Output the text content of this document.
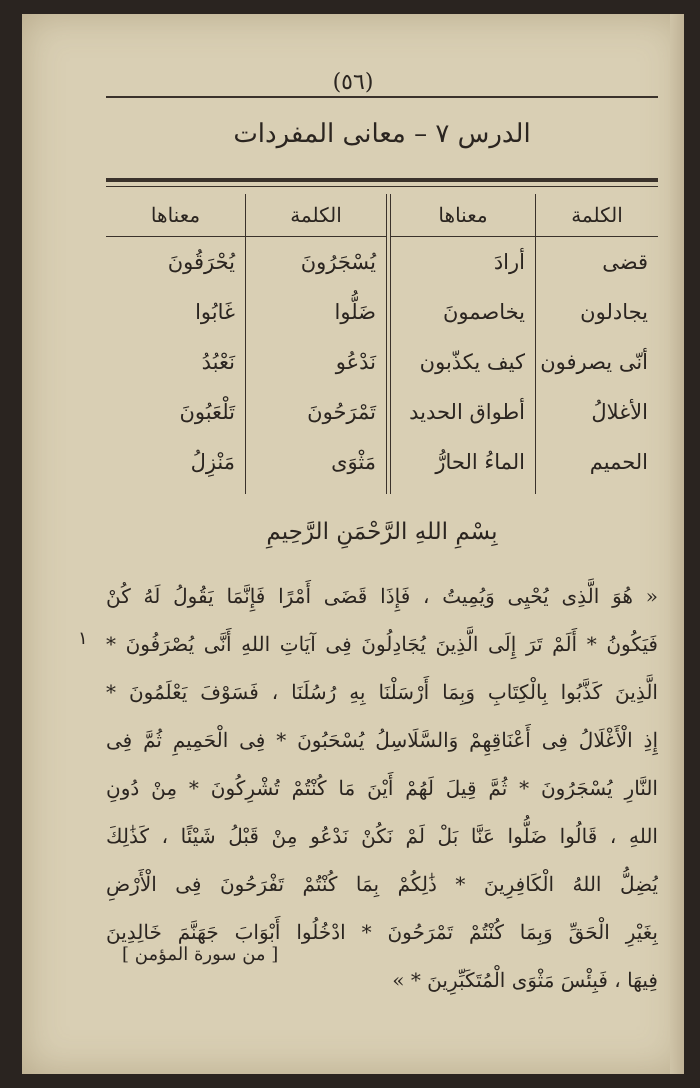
(٥٦)
الدرس ٧ – معانى المفردات
الكلمة
قضى
يجادلون
أنّى يصرفون
الأغلالُ
الحميم
معناها
أرادَ
يخاصمونَ
كيف يكذّبون
أطواق الحديد
الماءُ الحارُّ
الكلمة
يُسْجَرُونَ
ضَلُّوا
نَدْعُو
تَمْرَحُونَ
مَثْوَى
معناها
يُحْرَقُونَ
غَابُوا
نَعْبُدُ
تَلْعَبُونَ
مَنْزِلُ
بِسْمِ اللهِ الرَّحْمَنِ الرَّحِيمِ
١
« هُوَ الَّذِى يُحْيِى وَيُمِيتُ ، فَإِذَا قَضَى أَمْرًا فَإِنَّمَا يَقُولُ لَهُ كُنْ
فَيَكُونُ * أَلَمْ تَرَ إِلَى الَّذِينَ يُجَادِلُونَ فِى آيَاتِ اللهِ أَنَّى يُصْرَفُونَ *
الَّذِينَ كَذَّبُوا بِالْكِتَابِ وَبِمَا أَرْسَلْنَا بِهِ رُسُلَنَا ، فَسَوْفَ يَعْلَمُونَ *
إِذِ الْأَغْلَالُ فِى أَعْنَاقِهِمْ وَالسَّلَاسِلُ يُسْحَبُونَ * فِى الْحَمِيمِ ثُمَّ فِى
النَّارِ يُسْجَرُونَ * ثُمَّ قِيلَ لَهُمْ أَيْنَ مَا كُنْتُمْ تُشْرِكُونَ * مِنْ دُونِ
اللهِ ، قَالُوا ضَلُّوا عَنَّا بَلْ لَمْ نَكُنْ نَدْعُو مِنْ قَبْلُ شَيْئًا ، كَذَٰلِكَ
يُضِلُّ اللهُ الْكَافِرِينَ * ذَٰلِكُمْ بِمَا كُنْتُمْ تَفْرَحُونَ فِى الْأَرْضِ
بِغَيْرِ الْحَقِّ وَبِمَا كُنْتُمْ تَمْرَحُونَ * ادْخُلُوا أَبْوَابَ جَهَنَّمَ خَالِدِينَ
فِيهَا ، فَبِئْسَ مَثْوَى الْمُتَكَبِّرِينَ * »
[ من سورة المؤمن ]
